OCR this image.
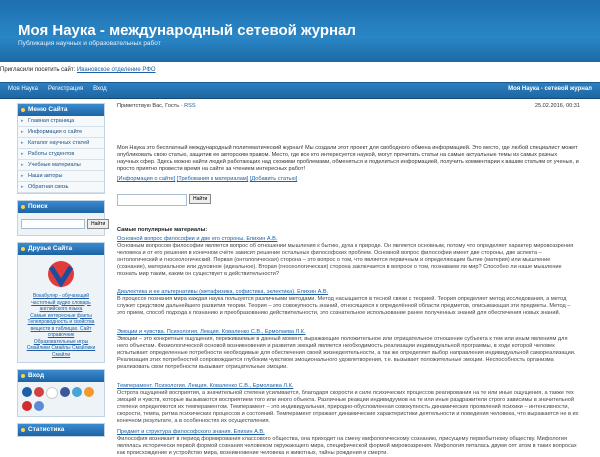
Моя Наука - международный сетевой журнал
Публикация научных и образовательных работ
Пригласили посетить сайт: Ивановское отделение РФО
Моя Наука Регистрация Вход	Моя Наука - сетевой журнал
Меню Сайта
▸ Главная страница
▸ Информация о сайте
▸ Каталог научных статей
▸ Работы студентов
▸ Учебные материалы
▸ Наши авторы
▸ Обратная связь
Поиск
Найти
Друзья Сайта
Вокабуляр - обучающий частотный аудио словарь английского языка
Самые интересные факты
Телепроводность и свойства веществ в таблицах. Сайт справочник
Образовательные игры
Смайлики Смайлы Смайлики Смайли
Вход
Статистика
Приветствую Вас, Гость · RSS	25.02.2016, 00:31
Моя Наука это бесплатный международный политематический журнал! Мы создали этот проект для свободного обмена информацией. Это место, где любой специалист может опубликовать свою статью, защитив ее авторским правом. Место, где все кто интересуется наукой, могут прочитать статьи на самые актуальные темы из самых разных научных сфер. Здесь можно найти людей работающих над схожими проблемами, обменяться и поделиться информацией, получить комментарии к вашим статьям от ученых, и просто приятно провести время на сайте за чтением интересных работ!
[Информация о сайте] [Требования к материалам] [Добавить статью]
Найти
Самые популярные материалы:
Основной вопрос философии и две его стороны. Епихин А.В.
Основным вопросом философии является вопрос об отношении мышления к бытию, духа к природе. Он является основным, потому что определяет характер мировоззрения человека и от его решения в конечном счёте зависит решение остальных философских проблем. Основной вопрос философии имеет две стороны, две аспекта – онтологический и гносеологический. Первая (онтологическая) сторона – это вопрос о том, что является первичным и определяющим бытие (материя) или мышление (сознание), материальное или духовное (идеальное). Вторая (гносеологическая) сторона заключается в вопросе о том, познаваем ли мир? Способно ли наше мышление познать мир таким, каким он существует в действительности?
Диалектика и ее альтернативы (метафизика, софистика, эклектика). Епихин А.В.
В процессе познания мира каждая наука пользуется различными методами. Метод насыщается в тесной связи с теорией. Теория определяет метод исследования, а метод служит средством дальнейшего развития теории. Теория – это совокупность знаний, относящихся к определённой области предметов, описывающая эти предметы. Метод – это прием, способ подхода к познанию и преобразованию действительности, это сознательное использование ранее полученных знаний для обеспечения новых знаний.
Эмоции и чувства. Психология. Лекция. Коваленко С.В., Ермолаева Л.К.
Эмоции – это конкретные ощущения, переживаемые в данный момент, выражающие положительное или отрицательное отношение субъекта к тем или иным явлениям для него объектам. Физиологической основой возникновения и развития эмоций является необходимость реализации индивидуальной программы, в ходе которой человек испытывает определенные потребности необходимые для обеспечения своей жизнедеятельности, а так же определяет выбор направления индивидуальной самореализации. Реализация этих потребностей сопровождается глубоким чувством эмоционального удовлетворения, т.е. вызывает положительные эмоции. Неспособность организма реализовать свои потребности вызывает отрицательные эмоции.
Темперамент. Психология. Лекция. Коваленко С.В., Ермолаева Л.К.
Острота ощущений восприятия, а значительной степени усиливается, благодаря скорости и силе психических процессов реагирования на те или иные ощущения, а также тех эмоций и чувств, которые вызываются восприятием того или иного объекта. Различные реакции индивидуумов на те или иные раздражители строго зависимы в значительной степени определяются их темпераментом. Темперамент – это индивидуальная, природно-обусловленная совокупность динамических проявлений психики – интенсивности, скорости, темпа, ритма психических процессов и состояний. Темперамент отражает динамические характеристики деятельности и поведения человека, что выражается не в их конечном результате, а в особенностях их осуществления.
Предмет и структура философского знания. Епихин А.В.
Философия возникает в период формирования классового общества, она приходит на смену мифологическому сознанию, присущему первобытному обществу. Мифология являлась исторически первой формой сознания человеком окружающего мира, специфической формой мировоззрения. Мифология питалась двумя опт атом в таких вопросах как происхождение и устройство мира, возникновение человека и животных, тайны рождения и смерти.
